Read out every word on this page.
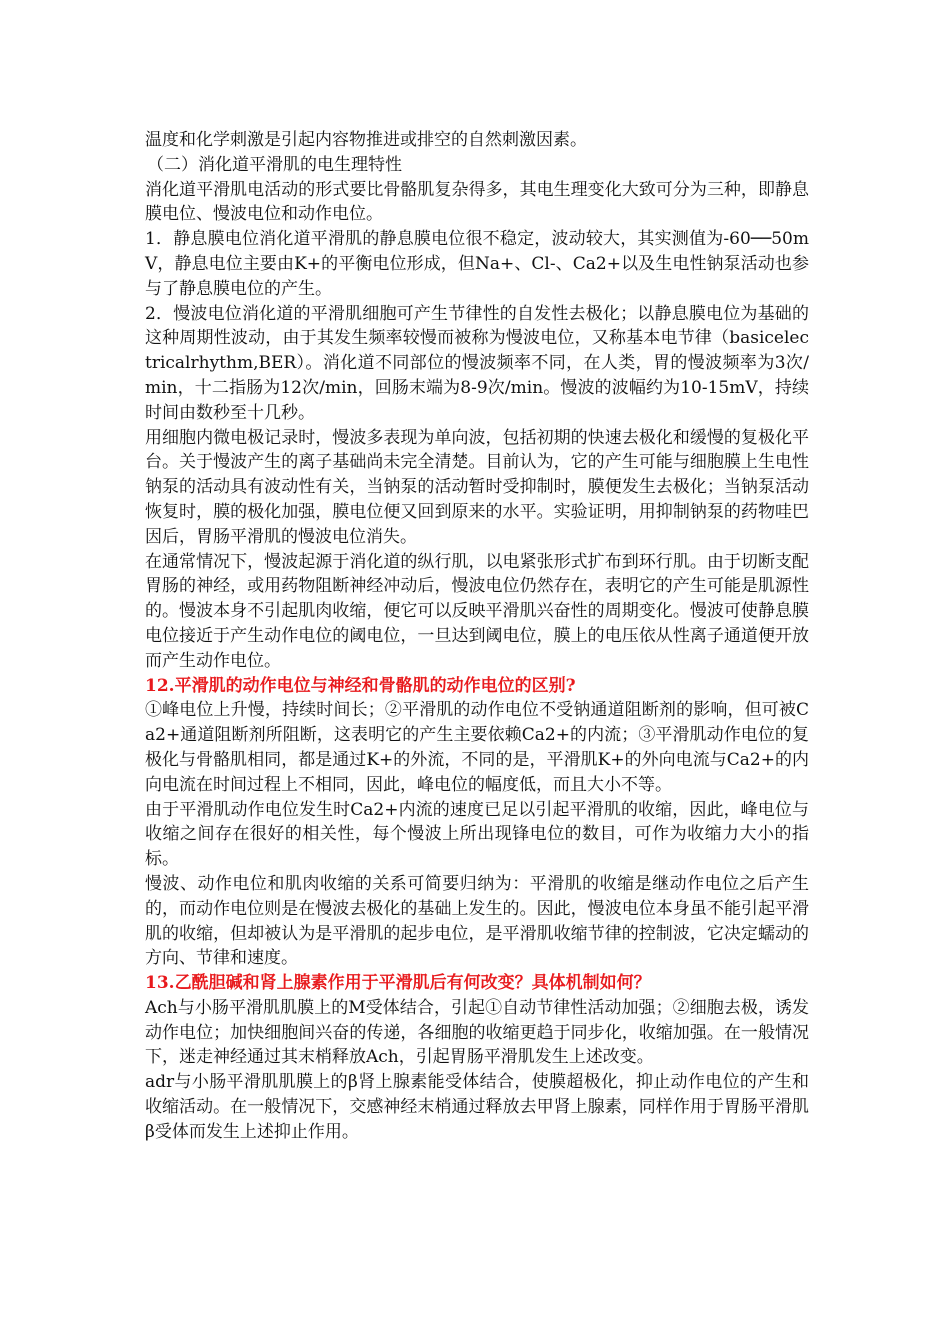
温度和化学刺激是引起内容物推进或排空的自然刺激因素。

（二）消化道平滑肌的电生理特性

消化道平滑肌电活动的形式要比骨骼肌复杂得多，其电生理变化大致可分为三种，即静息膜电位、慢波电位和动作电位。

1．静息膜电位消化道平滑肌的静息膜电位很不稳定，波动较大，其实测值为-60──50mV，静息电位主要由K+的平衡电位形成，但Na+、Cl-、Ca2+以及生电性钠泵活动也参与了静息膜电位的产生。

2．慢波电位消化道的平滑肌细胞可产生节律性的自发性去极化；以静息膜电位为基础的这种周期性波动，由于其发生频率较慢而被称为慢波电位，又称基本电节律（basicelectricalrhythm,BER）。消化道不同部位的慢波频率不同，在人类，胃的慢波频率为3次/min，十二指肠为12次/min，回肠末端为8-9次/min。慢波的波幅约为10-15mV，持续时间由数秒至十几秒。

用细胞内微电极记录时，慢波多表现为单向波，包括初期的快速去极化和缓慢的复极化平台。关于慢波产生的离子基础尚未完全清楚。目前认为，它的产生可能与细胞膜上生电性钠泵的活动具有波动性有关，当钠泵的活动暂时受抑制时，膜便发生去极化；当钠泵活动恢复时，膜的极化加强，膜电位便又回到原来的水平。实验证明，用抑制钠泵的药物哇巴因后，胃肠平滑肌的慢波电位消失。

在通常情况下，慢波起源于消化道的纵行肌，以电紧张形式扩布到环行肌。由于切断支配胃肠的神经，或用药物阻断神经冲动后，慢波电位仍然存在，表明它的产生可能是肌源性的。慢波本身不引起肌肉收缩，便它可以反映平滑肌兴奋性的周期变化。慢波可使静息膜电位接近于产生动作电位的阈电位，一旦达到阈电位，膜上的电压依从性离子通道便开放而产生动作电位。

12.平滑肌的动作电位与神经和骨骼肌的动作电位的区别?

①峰电位上升慢，持续时间长；②平滑肌的动作电位不受钠通道阻断剂的影响，但可被Ca2+通道阻断剂所阻断，这表明它的产生主要依赖Ca2+的内流；③平滑肌动作电位的复极化与骨骼肌相同，都是通过K+的外流，不同的是，平滑肌K+的外向电流与Ca2+的内向电流在时间过程上不相同，因此，峰电位的幅度低，而且大小不等。

由于平滑肌动作电位发生时Ca2+内流的速度已足以引起平滑肌的收缩，因此，峰电位与收缩之间存在很好的相关性，每个慢波上所出现锋电位的数目，可作为收缩力大小的指标。

慢波、动作电位和肌肉收缩的关系可简要归纳为：平滑肌的收缩是继动作电位之后产生的，而动作电位则是在慢波去极化的基础上发生的。因此，慢波电位本身虽不能引起平滑肌的收缩，但却被认为是平滑肌的起步电位，是平滑肌收缩节律的控制波，它决定蠕动的方向、节律和速度。

13.乙酰胆碱和肾上腺素作用于平滑肌后有何改变？具体机制如何？

Ach与小肠平滑肌肌膜上的M受体结合，引起①自动节律性活动加强；②细胞去极，诱发动作电位；加快细胞间兴奋的传递，各细胞的收缩更趋于同步化，收缩加强。在一般情况下，迷走神经通过其末梢释放Ach，引起胃肠平滑肌发生上述改变。

adr与小肠平滑肌肌膜上的β肾上腺素能受体结合，使膜超极化，抑止动作电位的产生和收缩活动。在一般情况下，交感神经末梢通过释放去甲肾上腺素，同样作用于胃肠平滑肌β受体而发生上述抑止作用。
